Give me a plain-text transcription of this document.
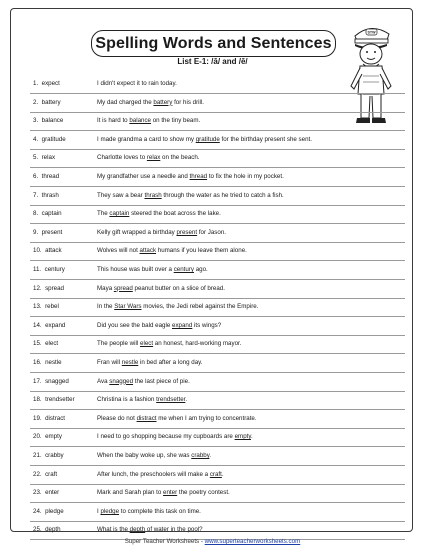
Spelling Words and Sentences
List E-1: /ā/ and /ē/
STW
1. expect	I didn't expect it to rain today.
2. battery	My dad charged the battery for his drill.
3. balance	It is hard to balance on the tiny beam.
4. gratitude	I made grandma a card to show my gratitude for the birthday present she sent.
5. relax	Charlotte loves to relax on the beach.
6. thread	My grandfather use a needle and thread to fix the hole in my pocket.
7. thrash	They saw a bear thrash through the water as he tried to catch a fish.
8. captain	The captain steered the boat across the lake.
9. present	Kelly gift wrapped a birthday present for Jason.
10. attack	Wolves will not attack humans if you leave them alone.
11. century	This house was built over a century ago.
12. spread	Maya spread peanut butter on a slice of bread.
13. rebel	In the Star Wars movies, the Jedi rebel against the Empire.
14. expand	Did you see the bald eagle expand its wings?
15. elect	The people will elect an honest, hard-working mayor.
16. nestle	Fran will nestle in bed after a long day.
17. snagged	Ava snagged the last piece of pie.
18. trendsetter	Christina is a fashion trendsetter.
19. distract	Please do not distract me when I am trying to concentrate.
20. empty	I need to go shopping because my cupboards are empty.
21. crabby	When the baby woke up, she was crabby.
22. craft	After lunch, the preschoolers will make a craft.
23. enter	Mark and Sarah plan to enter the poetry contest.
24. pledge	I pledge to complete this task on time.
25. depth	What is the depth of water in the pool?
Super Teacher Worksheets - www.superteacherworksheets.com
